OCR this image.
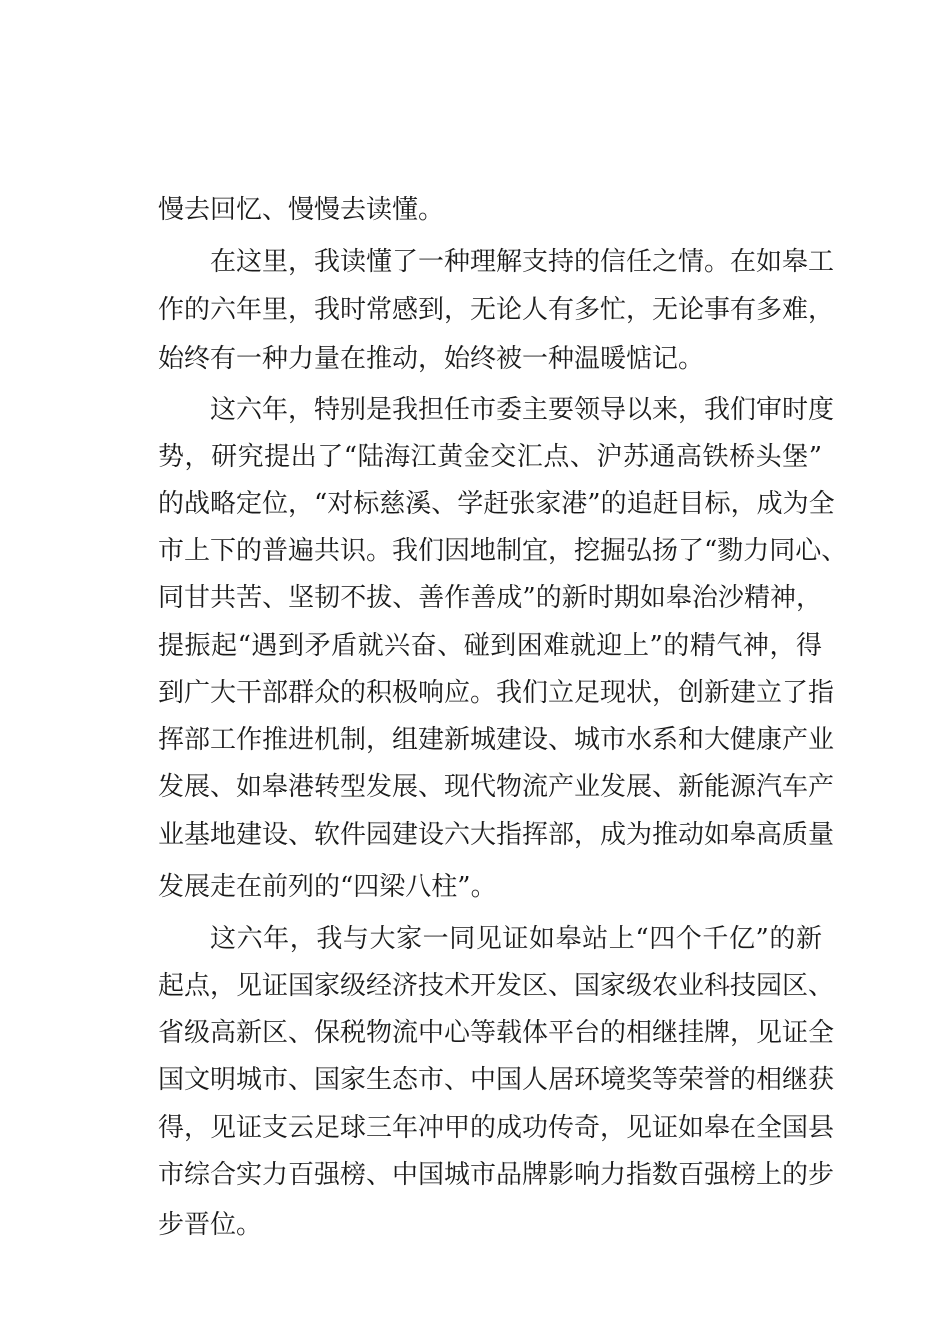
慢去回忆、慢慢去读懂。
在这里，我读懂了一种理解支持的信任之情。在如皋工
作的六年里，我时常感到，无论人有多忙，无论事有多难，
始终有一种力量在推动，始终被一种温暖惦记。
这六年，特别是我担任市委主要领导以来，我们审时度
势，研究提出了“陆海江黄金交汇点、沪苏通高铁桥头堡”
的战略定位，“对标慈溪、学赶张家港”的追赶目标，成为全
市上下的普遍共识。我们因地制宜，挖掘弘扬了“勠力同心、
同甘共苦、坚韧不拔、善作善成”的新时期如皋治沙精神，
提振起“遇到矛盾就兴奋、碰到困难就迎上”的精气神，得
到广大干部群众的积极响应。我们立足现状，创新建立了指
挥部工作推进机制，组建新城建设、城市水系和大健康产业
发展、如皋港转型发展、现代物流产业发展、新能源汽车产
业基地建设、软件园建设六大指挥部，成为推动如皋高质量
发展走在前列的“四梁八柱”。
这六年，我与大家一同见证如皋站上“四个千亿”的新
起点，见证国家级经济技术开发区、国家级农业科技园区、
省级高新区、保税物流中心等载体平台的相继挂牌，见证全
国文明城市、国家生态市、中国人居环境奖等荣誉的相继获
得，见证支云足球三年冲甲的成功传奇，见证如皋在全国县
市综合实力百强榜、中国城市品牌影响力指数百强榜上的步
步晋位。
